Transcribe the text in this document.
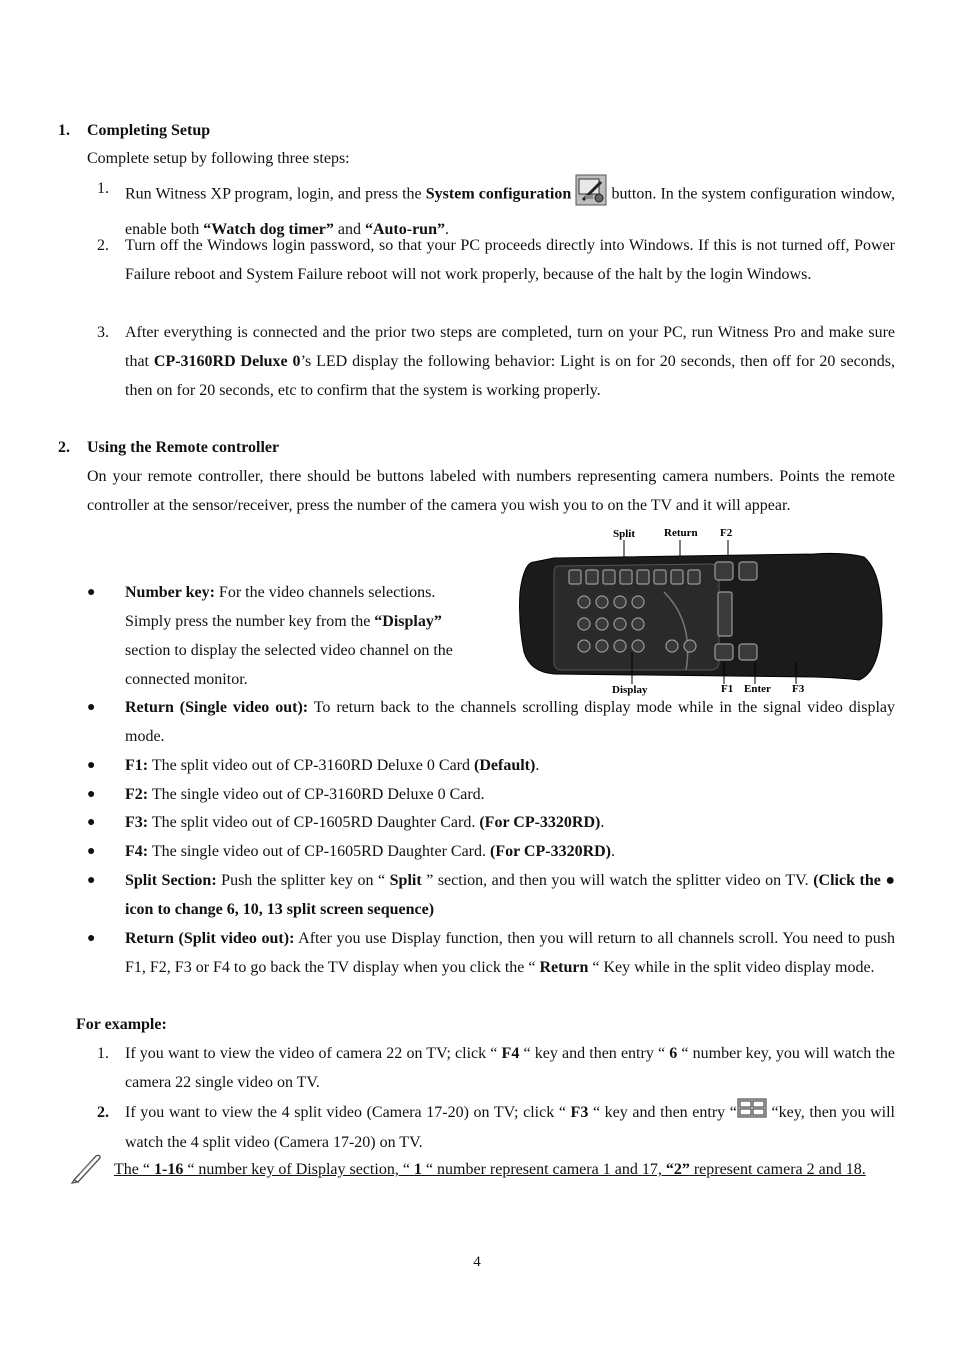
1. Completing Setup
Complete setup by following three steps:
1.	Run Witness XP program, login, and press the System configuration  button. In the system configuration window, enable both “Watch dog timer” and “Auto-run”.
2.	Turn off the Windows login password, so that your PC proceeds directly into Windows. If this is not turned off, Power Failure reboot and System Failure reboot will not work properly, because of the halt by the login Windows.
3.	After everything is connected and the prior two steps are completed, turn on your PC, run Witness Pro and make sure that CP-3160RD Deluxe 0’s LED display the following behavior: Light is on for 20 seconds, then off for 20 seconds, then on for 20 seconds, etc to confirm that the system is working properly.
2. Using the Remote controller
On your remote controller, there should be buttons labeled with numbers representing camera numbers. Points the remote controller at the sensor/receiver, press the number of the camera you wish you to on the TV and it will appear.
Split	Return F2
Display	F1 Enter F3
●	Number key: For the video channels selections.
Simply press the number key from the “Display”
section to display the selected video channel on the
connected monitor.
●	Return (Single video out): To return back to the channels scrolling display mode while in the signal video display mode.
●	F1: The split video out of CP-3160RD Deluxe 0 Card (Default).
●	F2: The single video out of CP-3160RD Deluxe 0 Card.
●	F3: The split video out of CP-1605RD Daughter Card. (For CP-3320RD).
●	F4: The single video out of CP-1605RD Daughter Card. (For CP-3320RD).
●	Split Section: Push the splitter key on “ Split ” section, and then you will watch the splitter video on TV. (Click the ● icon to change 6, 10, 13 split screen sequence)
●	Return (Split video out): After you use Display function, then you will return to all channels scroll. You need to push F1, F2, F3 or F4 to go back the TV display when you click the “ Return “ Key while in the split video display mode.
For example:
1.	If you want to view the video of camera 22 on TV; click “ F4 “ key and then entry “ 6 “ number key, you will watch the camera 22 single video on TV.
2.	If you want to view the 4 split video (Camera 17-20) on TV; click “ F3 “ key and then entry “ “key, then you will watch the 4 split video (Camera 17-20) on TV.
The “ 1-16 “ number key of Display section, “ 1 “ number represent camera 1 and 17, “2” represent camera 2 and 18.
4
